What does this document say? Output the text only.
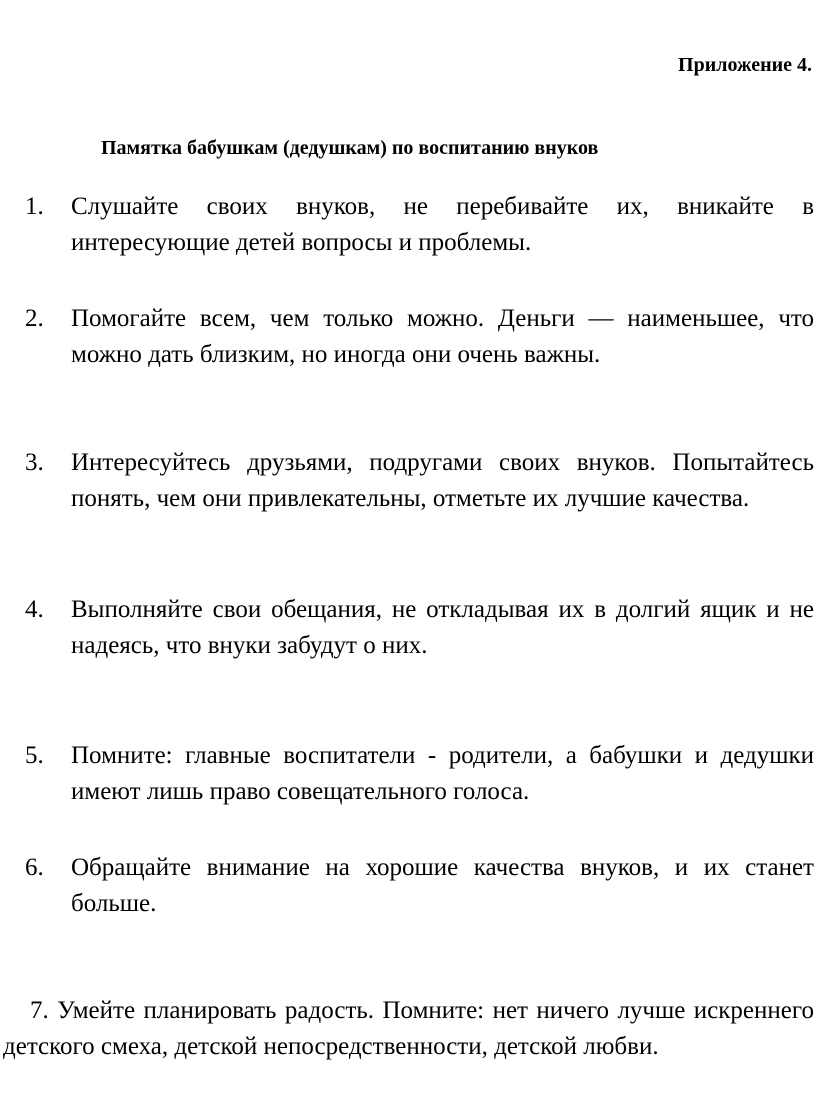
Приложение 4.
Памятка бабушкам (дедушкам) по воспитанию внуков
1.	Слушайте своих внуков, не перебивайте их, вникайте в интересующие детей вопросы и проблемы.
2.	Помогайте всем, чем только можно. Деньги — наименьшее, что можно дать близким, но иногда они очень важны.
3.	Интересуйтесь друзьями, подругами своих внуков. Попытайтесь понять, чем они привлекательны, отметьте их лучшие качества.
4.	Выполняйте свои обещания, не откладывая их в долгий ящик и не надеясь, что внуки забудут о них.
5.	Помните: главные воспитатели - родители, а бабушки и дедушки имеют лишь право совещательного голоса.
6.	Обращайте внимание на хорошие качества внуков, и их станет больше.
7. Умейте планировать радость. Помните: нет ничего лучше искреннего детского смеха, детской непосредственности, детской любви.
